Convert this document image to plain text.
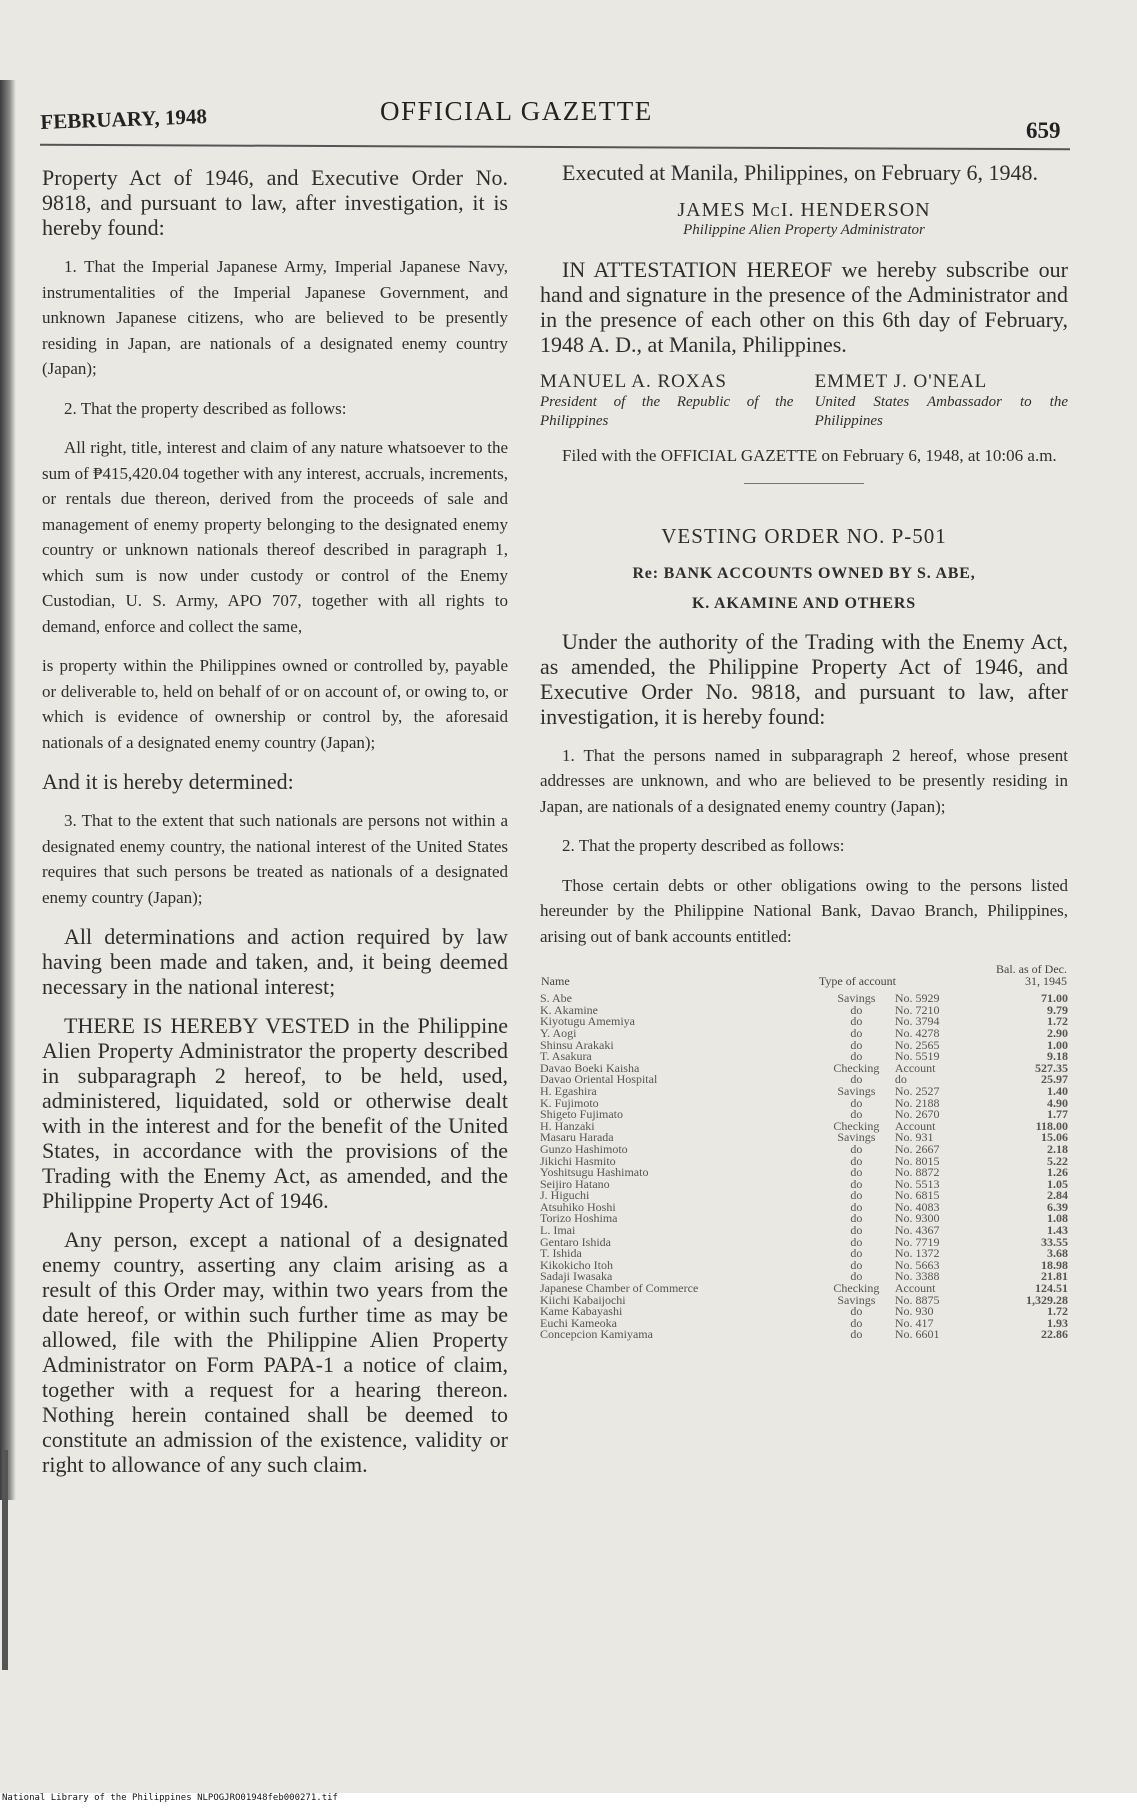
FEBRUARY, 1948	OFFICIAL GAZETTE
659

Property Act of 1946, and Executive Order No. 9818, and pursuant to law, after investigation, it is hereby found:

1. That the Imperial Japanese Army, Imperial Japanese Navy, instrumentalities of the Imperial Japanese Government, and unknown Japanese citizens, who are believed to be presently residing in Japan, are nationals of a designated enemy country (Japan);

2. That the property described as follows:

All right, title, interest and claim of any nature whatsoever to the sum of ₱415,420.04 together with any interest, accruals, increments, or rentals due thereon, derived from the proceeds of sale and management of enemy property belonging to the designated enemy country or unknown nationals thereof described in paragraph 1, which sum is now under custody or control of the Enemy Custodian, U. S. Army, APO 707, together with all rights to demand, enforce and collect the same,

is property within the Philippines owned or controlled by, payable or deliverable to, held on behalf of or on account of, or owing to, or which is evidence of ownership or control by, the aforesaid nationals of a designated enemy country (Japan);

And it is hereby determined:

3. That to the extent that such nationals are persons not within a designated enemy country, the national interest of the United States requires that such persons be treated as nationals of a designated enemy country (Japan);

All determinations and action required by law having been made and taken, and, it being deemed necessary in the national interest;

THERE IS HEREBY VESTED in the Philippine Alien Property Administrator the property described in subparagraph 2 hereof, to be held, used, administered, liquidated, sold or otherwise dealt with in the interest and for the benefit of the United States, in accordance with the provisions of the Trading with the Enemy Act, as amended, and the Philippine Property Act of 1946.

Any person, except a national of a designated enemy country, asserting any claim arising as a result of this Order may, within two years from the date hereof, or within such further time as may be allowed, file with the Philippine Alien Property Administrator on Form PAPA-1 a notice of claim, together with a request for a hearing thereon. Nothing herein contained shall be deemed to constitute an admission of the existence, validity or right to allowance of any such claim.

Executed at Manila, Philippines, on February 6, 1948.

JAMES McI. HENDERSON
Philippine Alien Property Administrator

IN ATTESTATION HEREOF we hereby subscribe our hand and signature in the presence of the Administrator and in the presence of each other on this 6th day of February, 1948 A. D., at Manila, Philippines.

MANUEL A. ROXAS
President of the Republic of the Philippines
EMMET J. O'NEAL
United States Ambassador to the Philippines

Filed with the OFFICIAL GAZETTE on February 6, 1948, at 10:06 a.m.

VESTING ORDER NO. P-501
Re: BANK ACCOUNTS OWNED BY S. ABE,
K. AKAMINE AND OTHERS

Under the authority of the Trading with the Enemy Act, as amended, the Philippine Property Act of 1946, and Executive Order No. 9818, and pursuant to law, after investigation, it is hereby found:

1. That the persons named in subparagraph 2 hereof, whose present addresses are unknown, and who are believed to be presently residing in Japan, are nationals of a designated enemy country (Japan);

2. That the property described as follows:

Those certain debts or other obligations owing to the persons listed hereunder by the Philippine National Bank, Davao Branch, Philippines, arising out of bank accounts entitled:

Name	Type of account		Bal. as of Dec. 31, 1945
S. Abe	Savings	No. 5929	71.00
K. Akamine	do	No. 7210	9.79
Kiyotugu Amemiya	do	No. 3794	1.72
Y. Aogi	do	No. 4278	2.90
Shinsu Arakaki	do	No. 2565	1.00
T. Asakura	do	No. 5519	9.18
Davao Boeki Kaisha	Checking	Account	527.35
Davao Oriental Hospital	do	do	25.97
H. Egashira	Savings	No. 2527	1.40
K. Fujimoto	do	No. 2188	4.90
Shigeto Fujimato	do	No. 2670	1.77
H. Hanzaki	Checking	Account	118.00
Masaru Harada	Savings	No. 931	15.06
Gunzo Hashimoto	do	No. 2667	2.18
Jikichi Hasmito	do	No. 8015	5.22
Yoshitsugu Hashimato	do	No. 8872	1.26
Seijiro Hatano	do	No. 5513	1.05
J. Higuchi	do	No. 6815	2.84
Atsuhiko Hoshi	do	No. 4083	6.39
Torizo Hoshima	do	No. 9300	1.08
L. Imai	do	No. 4367	1.43
Gentaro Ishida	do	No. 7719	33.55
T. Ishida	do	No. 1372	3.68
Kikokicho Itoh	do	No. 5663	18.98
Sadaji Iwasaka	do	No. 3388	21.81
Japanese Chamber of Commerce	Checking	Account	124.51
Kiichi Kabaijochi	Savings	No. 8875	1,329.28
Kame Kabayashi	do	No. 930	1.72
Euchi Kameoka	do	No. 417	1.93
Concepcion Kamiyama	do	No. 6601	22.86
National Library of the Philippines NLPOGJRO01948feb000271.tif
